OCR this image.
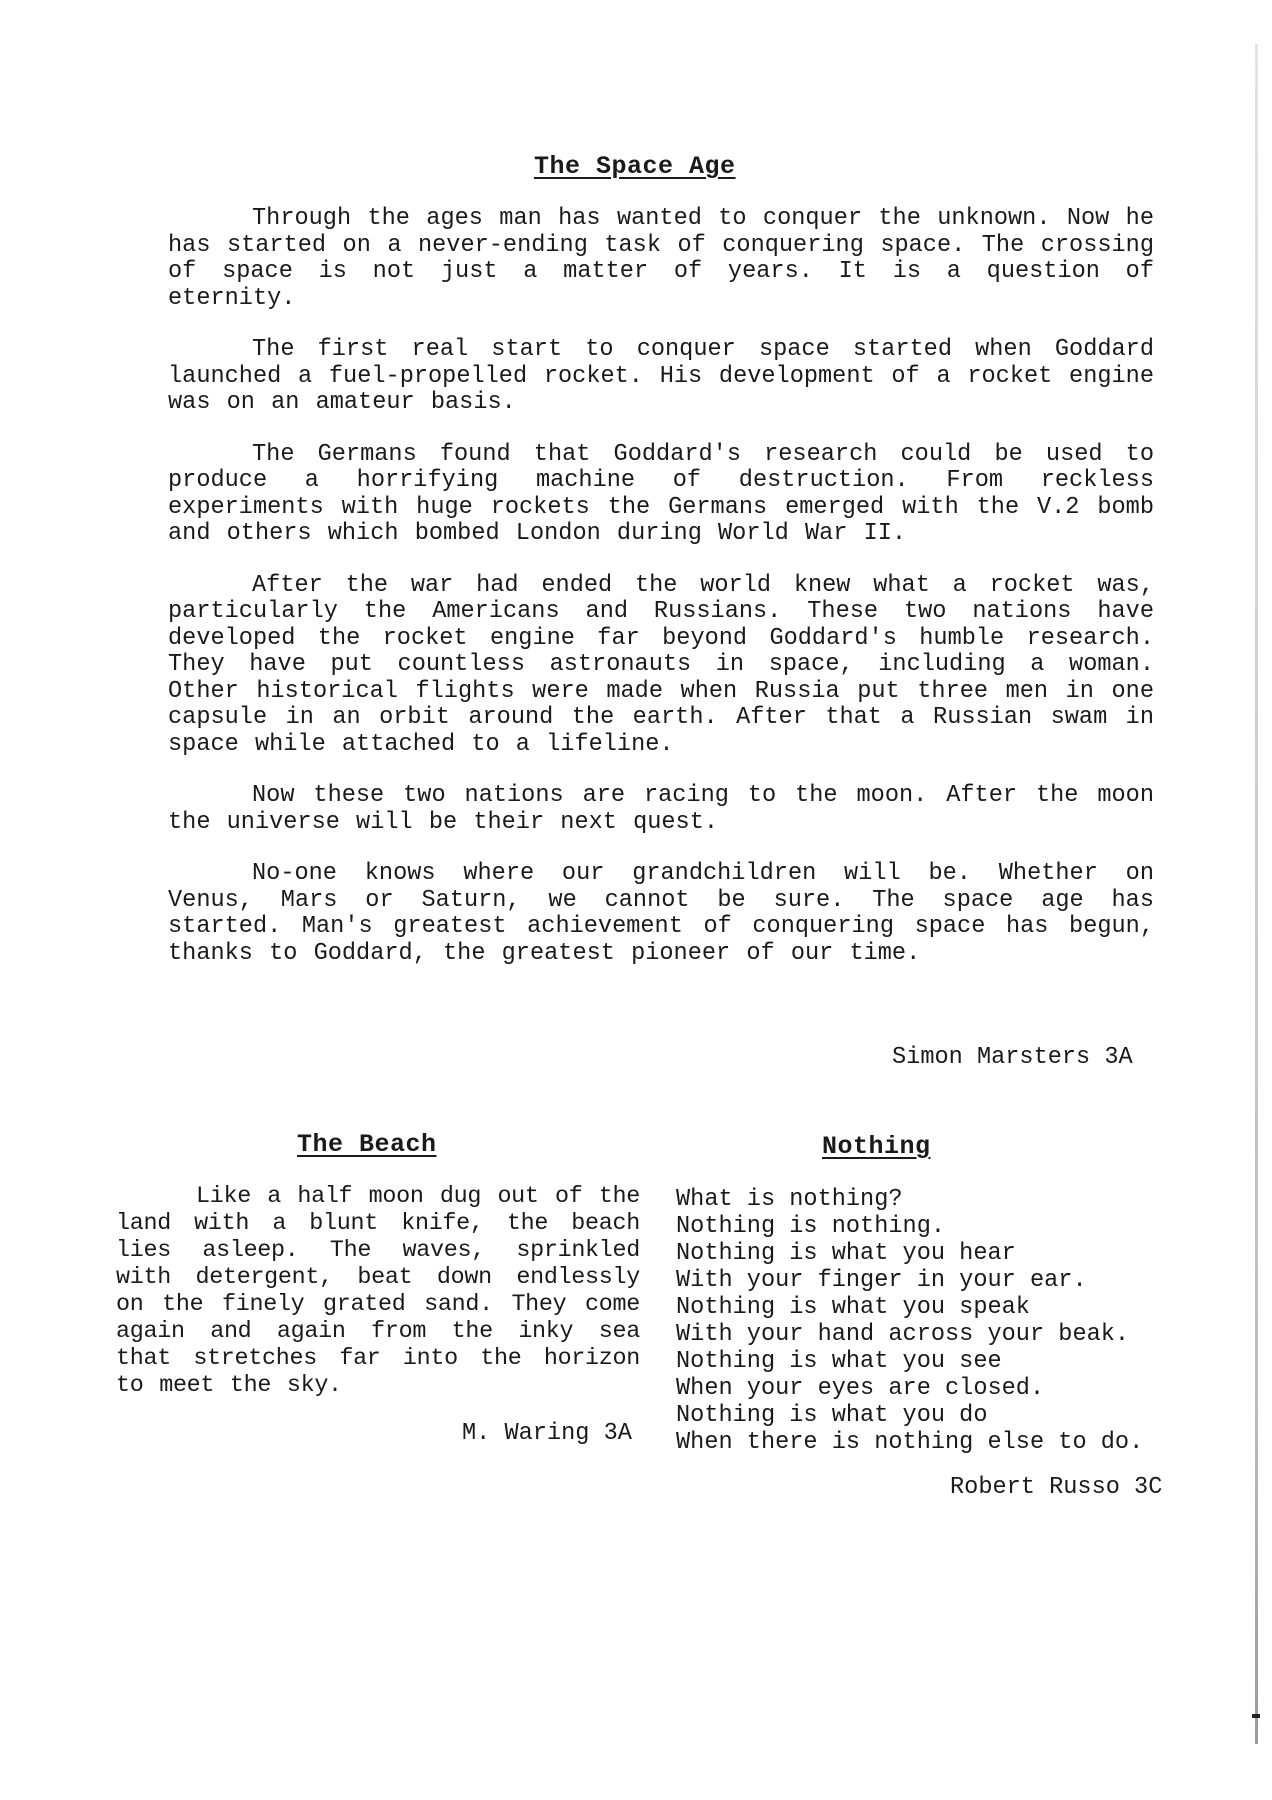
The Space Age

Through the ages man has wanted to conquer the unknown. Now he has started on a never-ending task of conquering space. The crossing of space is not just a matter of years. It is a question of eternity.

The first real start to conquer space started when Goddard launched a fuel-propelled rocket. His development of a rocket engine was on an amateur basis.

The Germans found that Goddard's research could be used to produce a horrifying machine of destruction. From reckless experiments with huge rockets the Germans emerged with the V.2 bomb and others which bombed London during World War II.

After the war had ended the world knew what a rocket was, particularly the Americans and Russians. These two nations have developed the rocket engine far beyond Goddard's humble research. They have put countless astronauts in space, including a woman. Other historical flights were made when Russia put three men in one capsule in an orbit around the earth. After that a Russian swam in space while attached to a lifeline.

Now these two nations are racing to the moon. After the moon the universe will be their next quest.

No-one knows where our grandchildren will be. Whether on Venus, Mars or Saturn, we cannot be sure. The space age has started. Man's greatest achievement of conquering space has begun, thanks to Goddard, the greatest pioneer of our time.

Simon Marsters 3A
The Beach

Like a half moon dug out of the land with a blunt knife, the beach lies asleep. The waves, sprinkled with detergent, beat down endlessly on the finely grated sand. They come again and again from the inky sea that stretches far into the horizon to meet the sky.

M. Waring 3A
Nothing

What is nothing?

Nothing is nothing.

Nothing is what you hear

With your finger in your ear.

Nothing is what you speak

With your hand across your beak.

Nothing is what you see

When your eyes are closed.

Nothing is what you do

When there is nothing else to do.

Robert Russo 3C
